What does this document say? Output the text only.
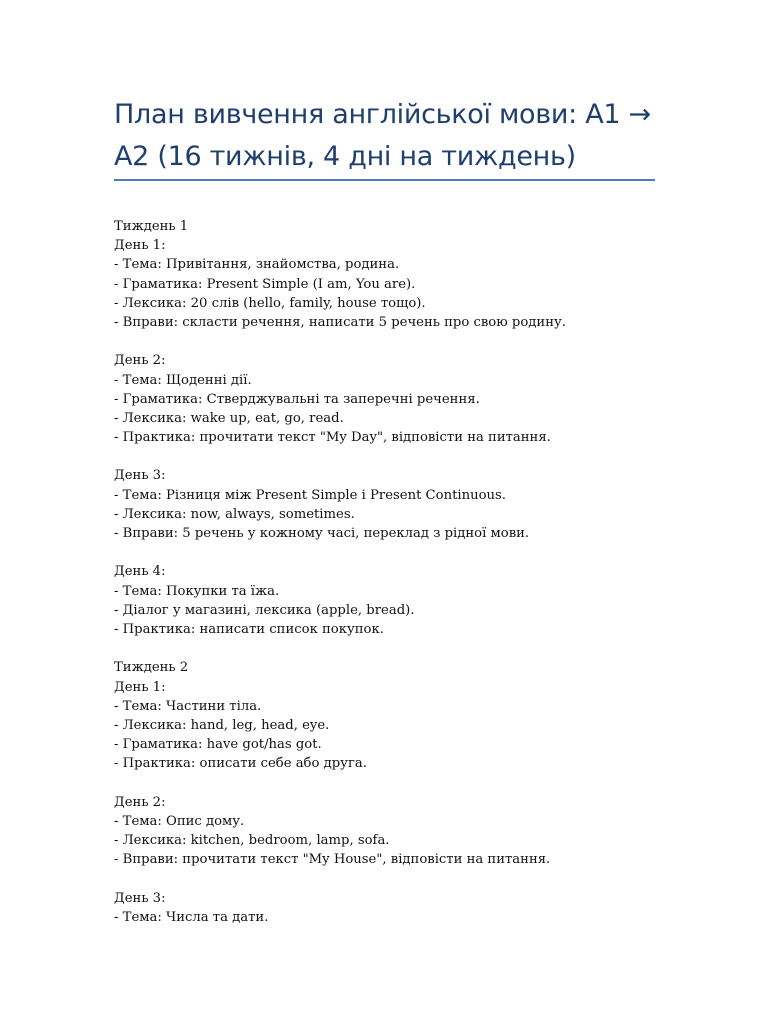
План вивчення англійської мови: A1 → A2 (16 тижнів, 4 дні на тиждень)
Тиждень 1
День 1:
- Тема: Привітання, знайомства, родина.
- Граматика: Present Simple (I am, You are).
- Лексика: 20 слів (hello, family, house тощо).
- Вправи: скласти речення, написати 5 речень про свою родину.
День 2:
- Тема: Щоденні дії.
- Граматика: Стверджувальні та заперечні речення.
- Лексика: wake up, eat, go, read.
- Практика: прочитати текст "My Day", відповісти на питання.
День 3:
- Тема: Різниця між Present Simple і Present Continuous.
- Лексика: now, always, sometimes.
- Вправи: 5 речень у кожному часі, переклад з рідної мови.
День 4:
- Тема: Покупки та їжа.
- Діалог у магазині, лексика (apple, bread).
- Практика: написати список покупок.
Тиждень 2
День 1:
- Тема: Частини тіла.
- Лексика: hand, leg, head, eye.
- Граматика: have got/has got.
- Практика: описати себе або друга.
День 2:
- Тема: Опис дому.
- Лексика: kitchen, bedroom, lamp, sofa.
- Вправи: прочитати текст "My House", відповісти на питання.
День 3:
- Тема: Числа та дати.
